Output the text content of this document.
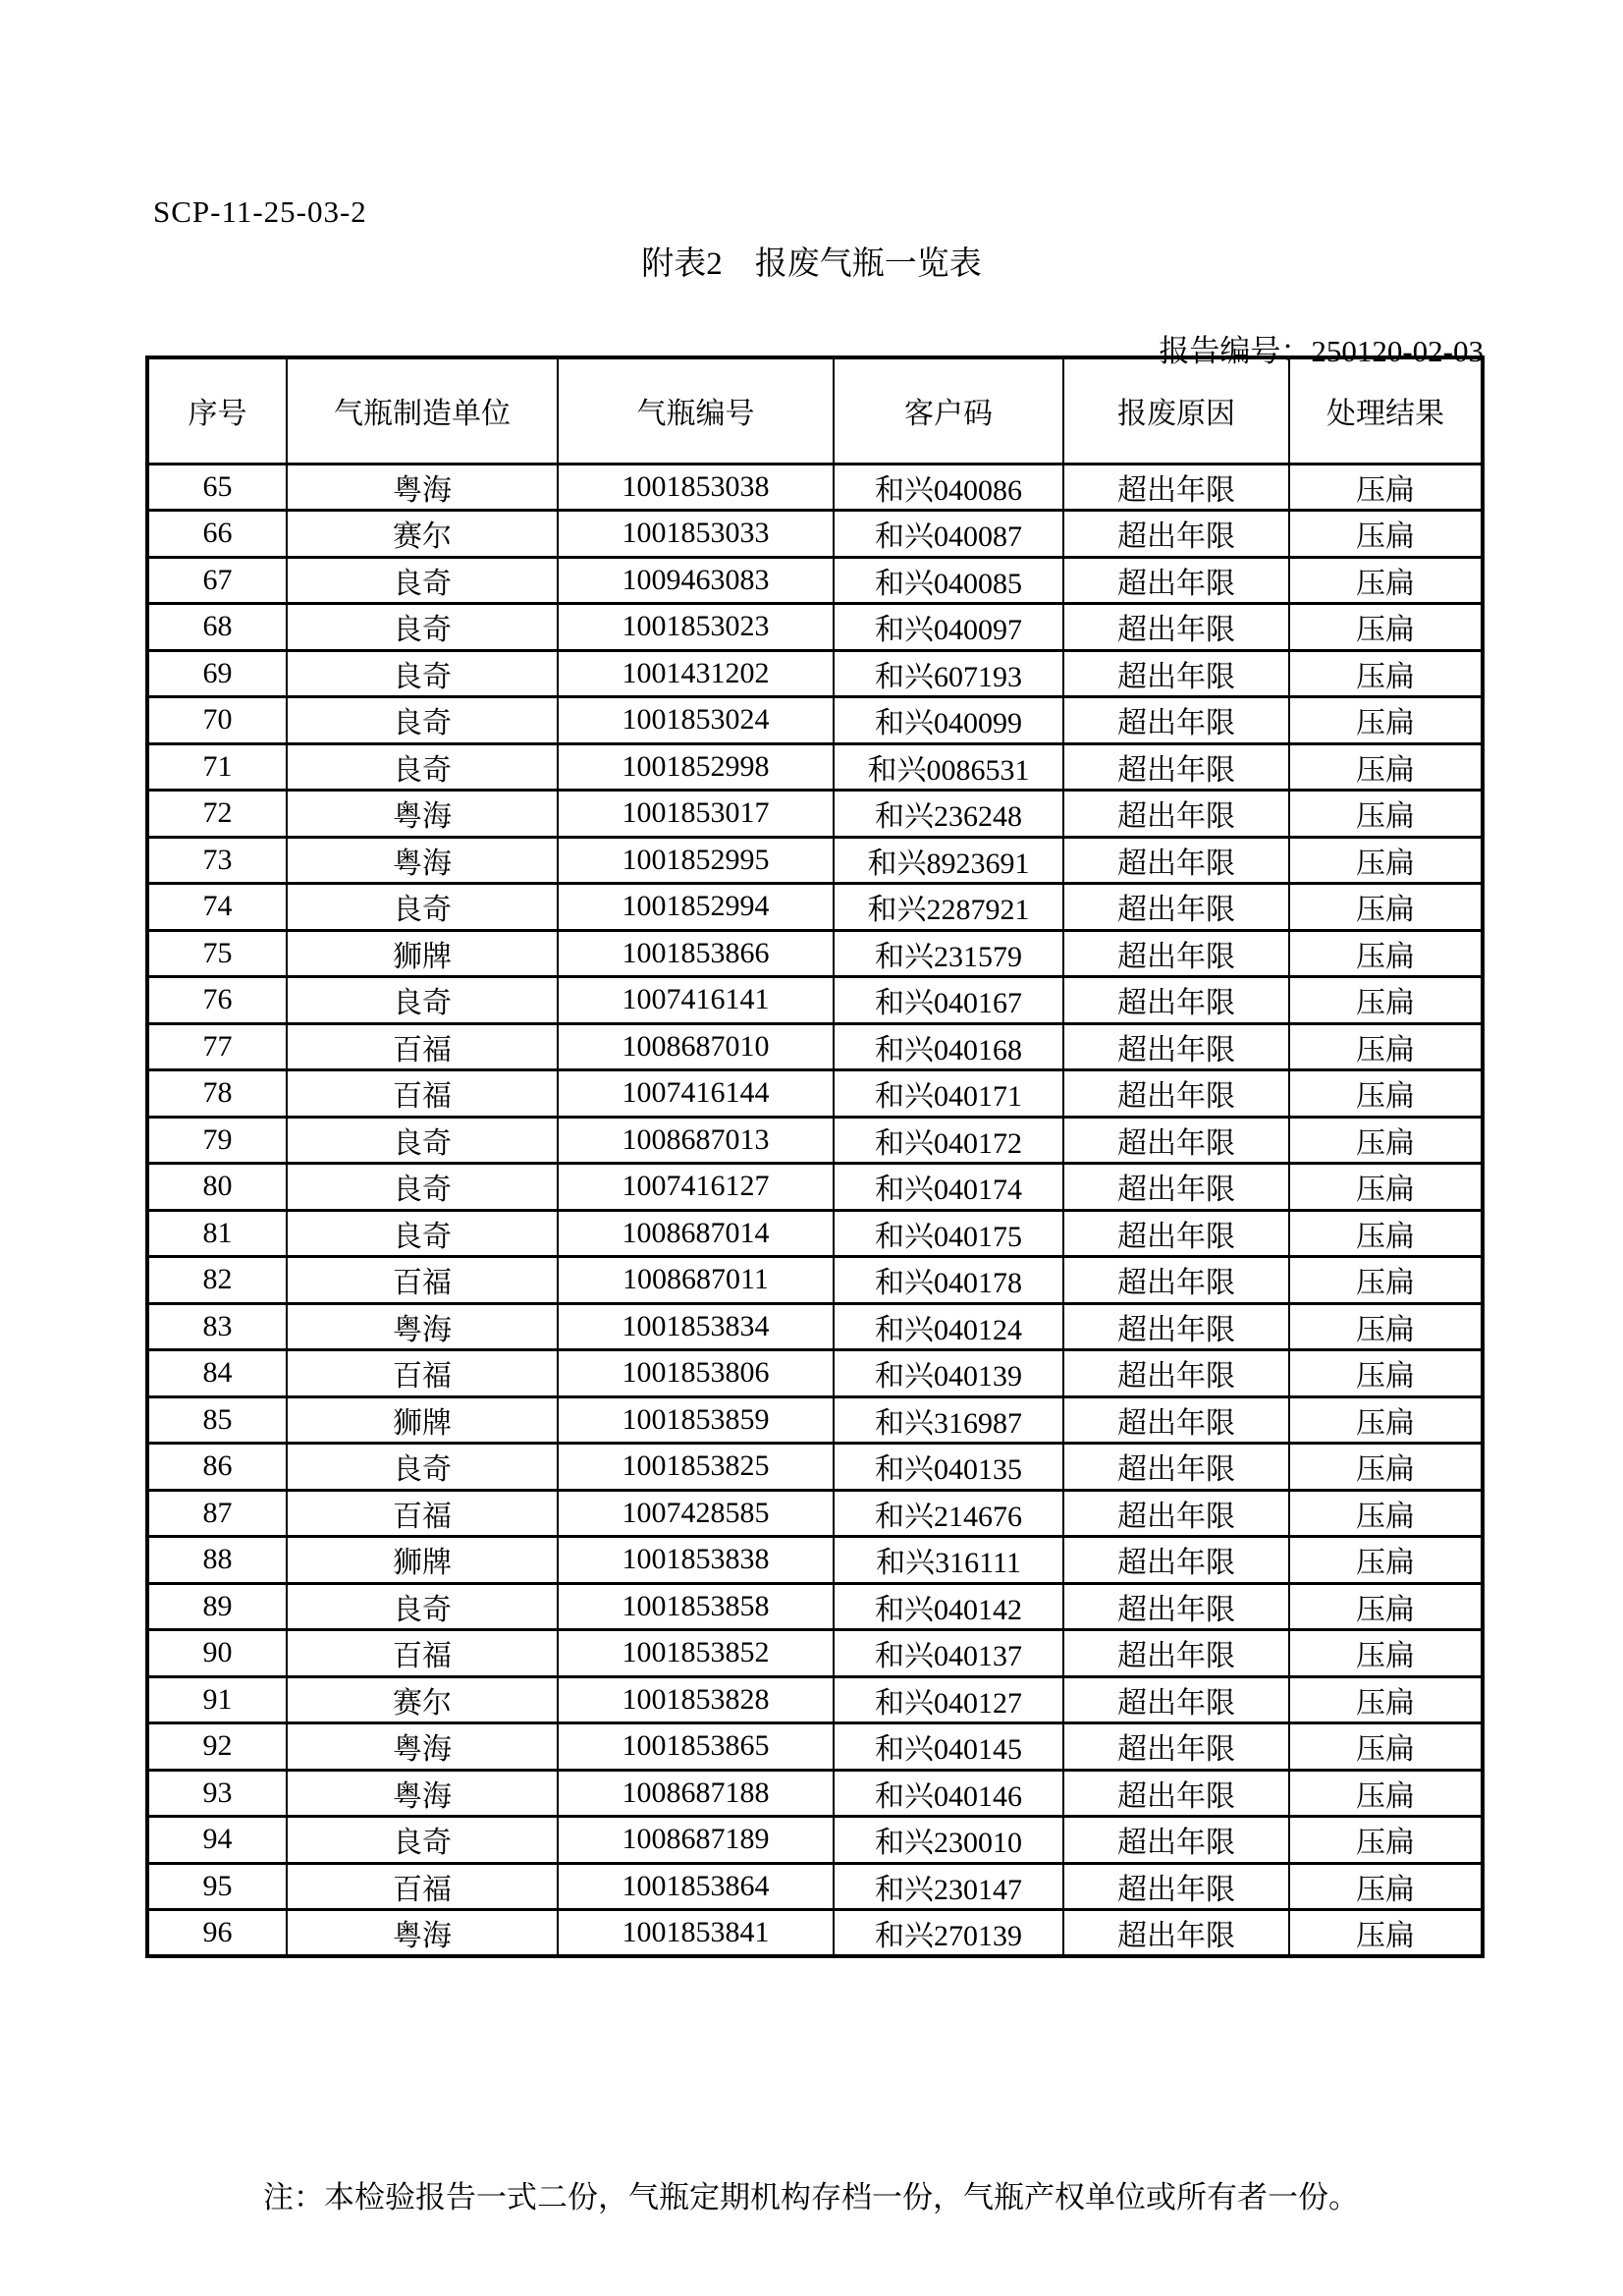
SCP-11-25-03-2
附表2　报废气瓶一览表

报告编号：250120-02-03

序号	气瓶制造单位	气瓶编号	客户码	报废原因	处理结果
65	粤海	1001853038	和兴040086	超出年限	压扁
66	赛尔	1001853033	和兴040087	超出年限	压扁
67	良奇	1009463083	和兴040085	超出年限	压扁
68	良奇	1001853023	和兴040097	超出年限	压扁
69	良奇	1001431202	和兴607193	超出年限	压扁
70	良奇	1001853024	和兴040099	超出年限	压扁
71	良奇	1001852998	和兴0086531	超出年限	压扁
72	粤海	1001853017	和兴236248	超出年限	压扁
73	粤海	1001852995	和兴8923691	超出年限	压扁
74	良奇	1001852994	和兴2287921	超出年限	压扁
75	狮牌	1001853866	和兴231579	超出年限	压扁
76	良奇	1007416141	和兴040167	超出年限	压扁
77	百福	1008687010	和兴040168	超出年限	压扁
78	百福	1007416144	和兴040171	超出年限	压扁
79	良奇	1008687013	和兴040172	超出年限	压扁
80	良奇	1007416127	和兴040174	超出年限	压扁
81	良奇	1008687014	和兴040175	超出年限	压扁
82	百福	1008687011	和兴040178	超出年限	压扁
83	粤海	1001853834	和兴040124	超出年限	压扁
84	百福	1001853806	和兴040139	超出年限	压扁
85	狮牌	1001853859	和兴316987	超出年限	压扁
86	良奇	1001853825	和兴040135	超出年限	压扁
87	百福	1007428585	和兴214676	超出年限	压扁
88	狮牌	1001853838	和兴316111	超出年限	压扁
89	良奇	1001853858	和兴040142	超出年限	压扁
90	百福	1001853852	和兴040137	超出年限	压扁
91	赛尔	1001853828	和兴040127	超出年限	压扁
92	粤海	1001853865	和兴040145	超出年限	压扁
93	粤海	1008687188	和兴040146	超出年限	压扁
94	良奇	1008687189	和兴230010	超出年限	压扁
95	百福	1001853864	和兴230147	超出年限	压扁
96	粤海	1001853841	和兴270139	超出年限	压扁
注：本检验报告一式二份，气瓶定期机构存档一份，气瓶产权单位或所有者一份。
